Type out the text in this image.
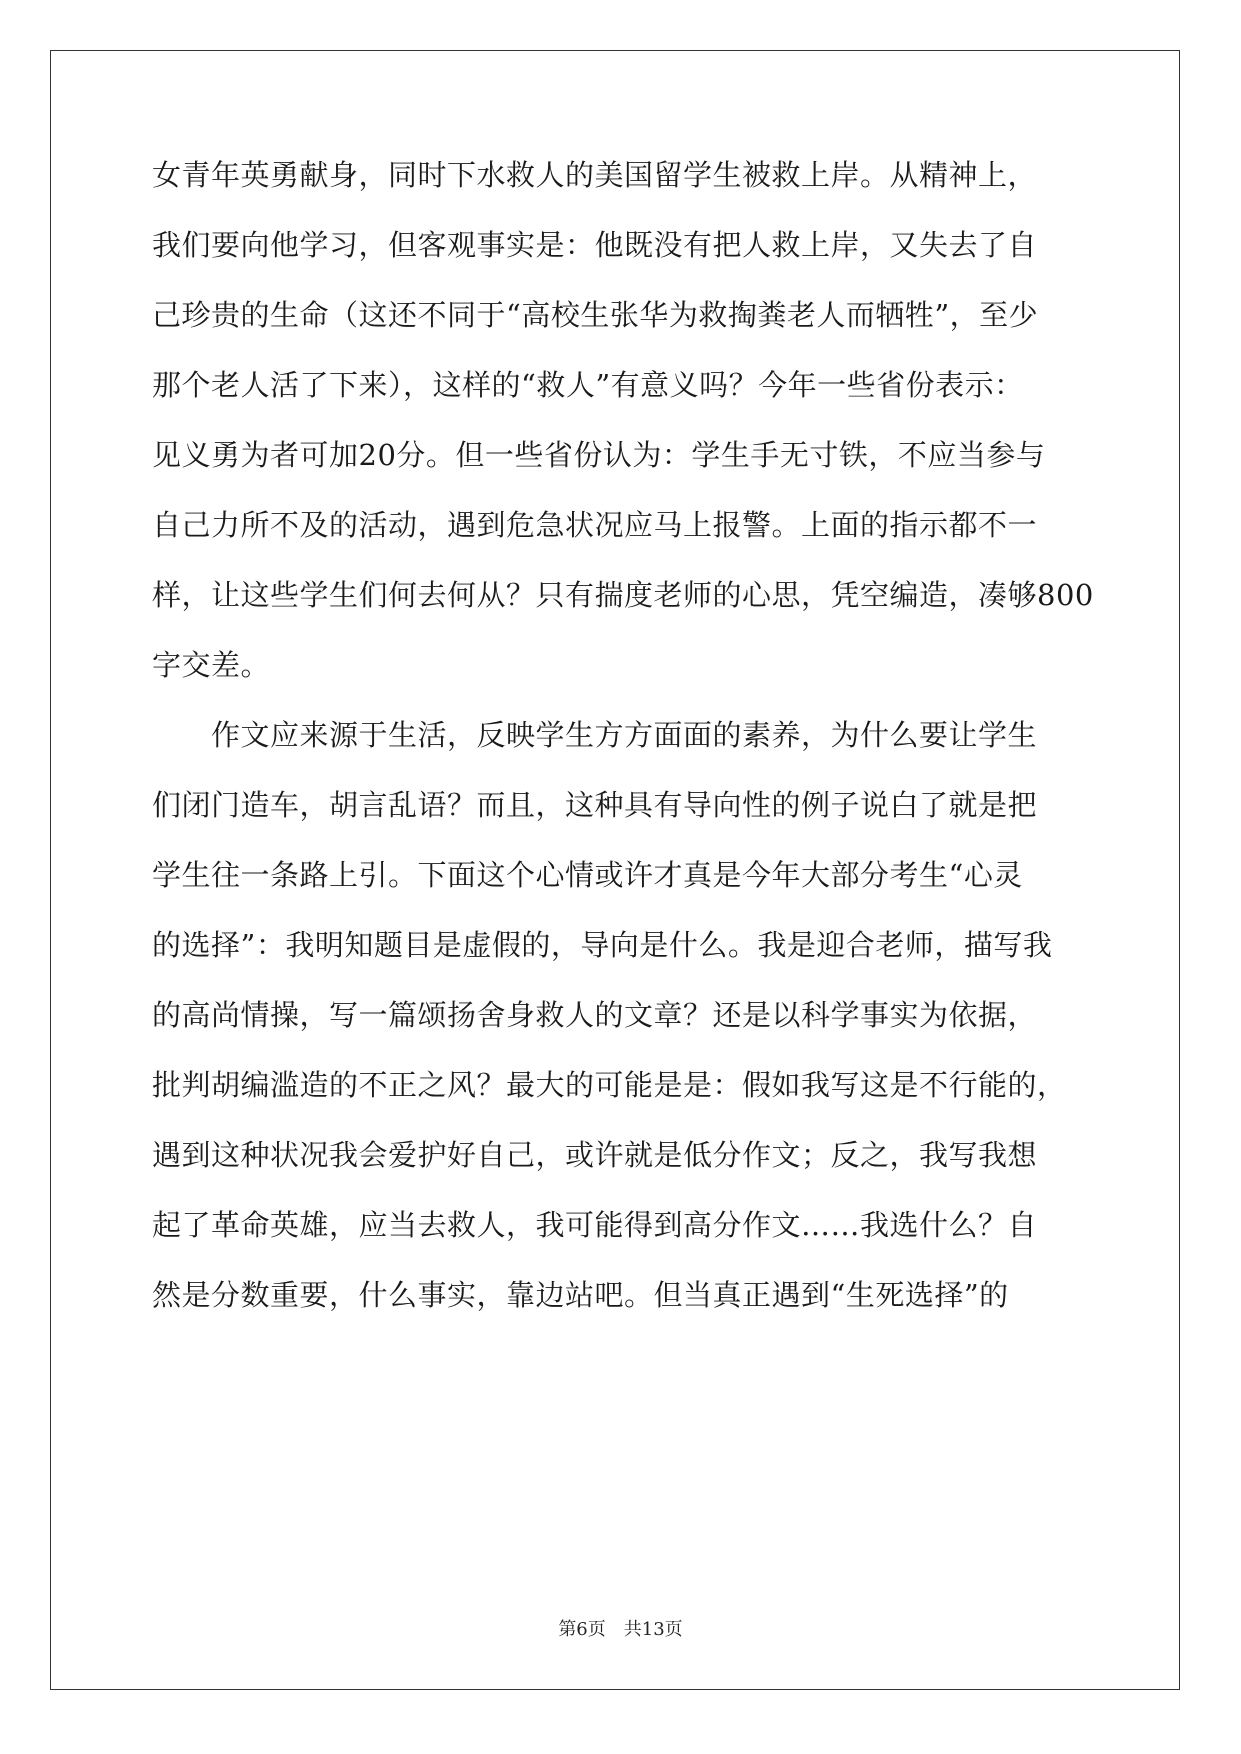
女青年英勇献身，同时下水救人的美国留学生被救上岸。从精神上，
我们要向他学习，但客观事实是：他既没有把人救上岸，又失去了自
己珍贵的生命（这还不同于“高校生张华为救掏粪老人而牺牲”，至少
那个老人活了下来），这样的“救人”有意义吗？今年一些省份表示：
见义勇为者可加20分。但一些省份认为：学生手无寸铁，不应当参与
自己力所不及的活动，遇到危急状况应马上报警。上面的指示都不一
样，让这些学生们何去何从？只有揣度老师的心思，凭空编造，凑够800
字交差。
　　作文应来源于生活，反映学生方方面面的素养，为什么要让学生
们闭门造车，胡言乱语？而且，这种具有导向性的例子说白了就是把
学生往一条路上引。下面这个心情或许才真是今年大部分考生“心灵
的选择”：我明知题目是虚假的，导向是什么。我是迎合老师，描写我
的高尚情操，写一篇颂扬舍身救人的文章？还是以科学事实为依据，
批判胡编滥造的不正之风？最大的可能是是：假如我写这是不行能的，
遇到这种状况我会爱护好自己，或许就是低分作文；反之，我写我想
起了革命英雄，应当去救人，我可能得到高分作文……我选什么？自
然是分数重要，什么事实，靠边站吧。但当真正遇到“生死选择”的
第6页　共13页
